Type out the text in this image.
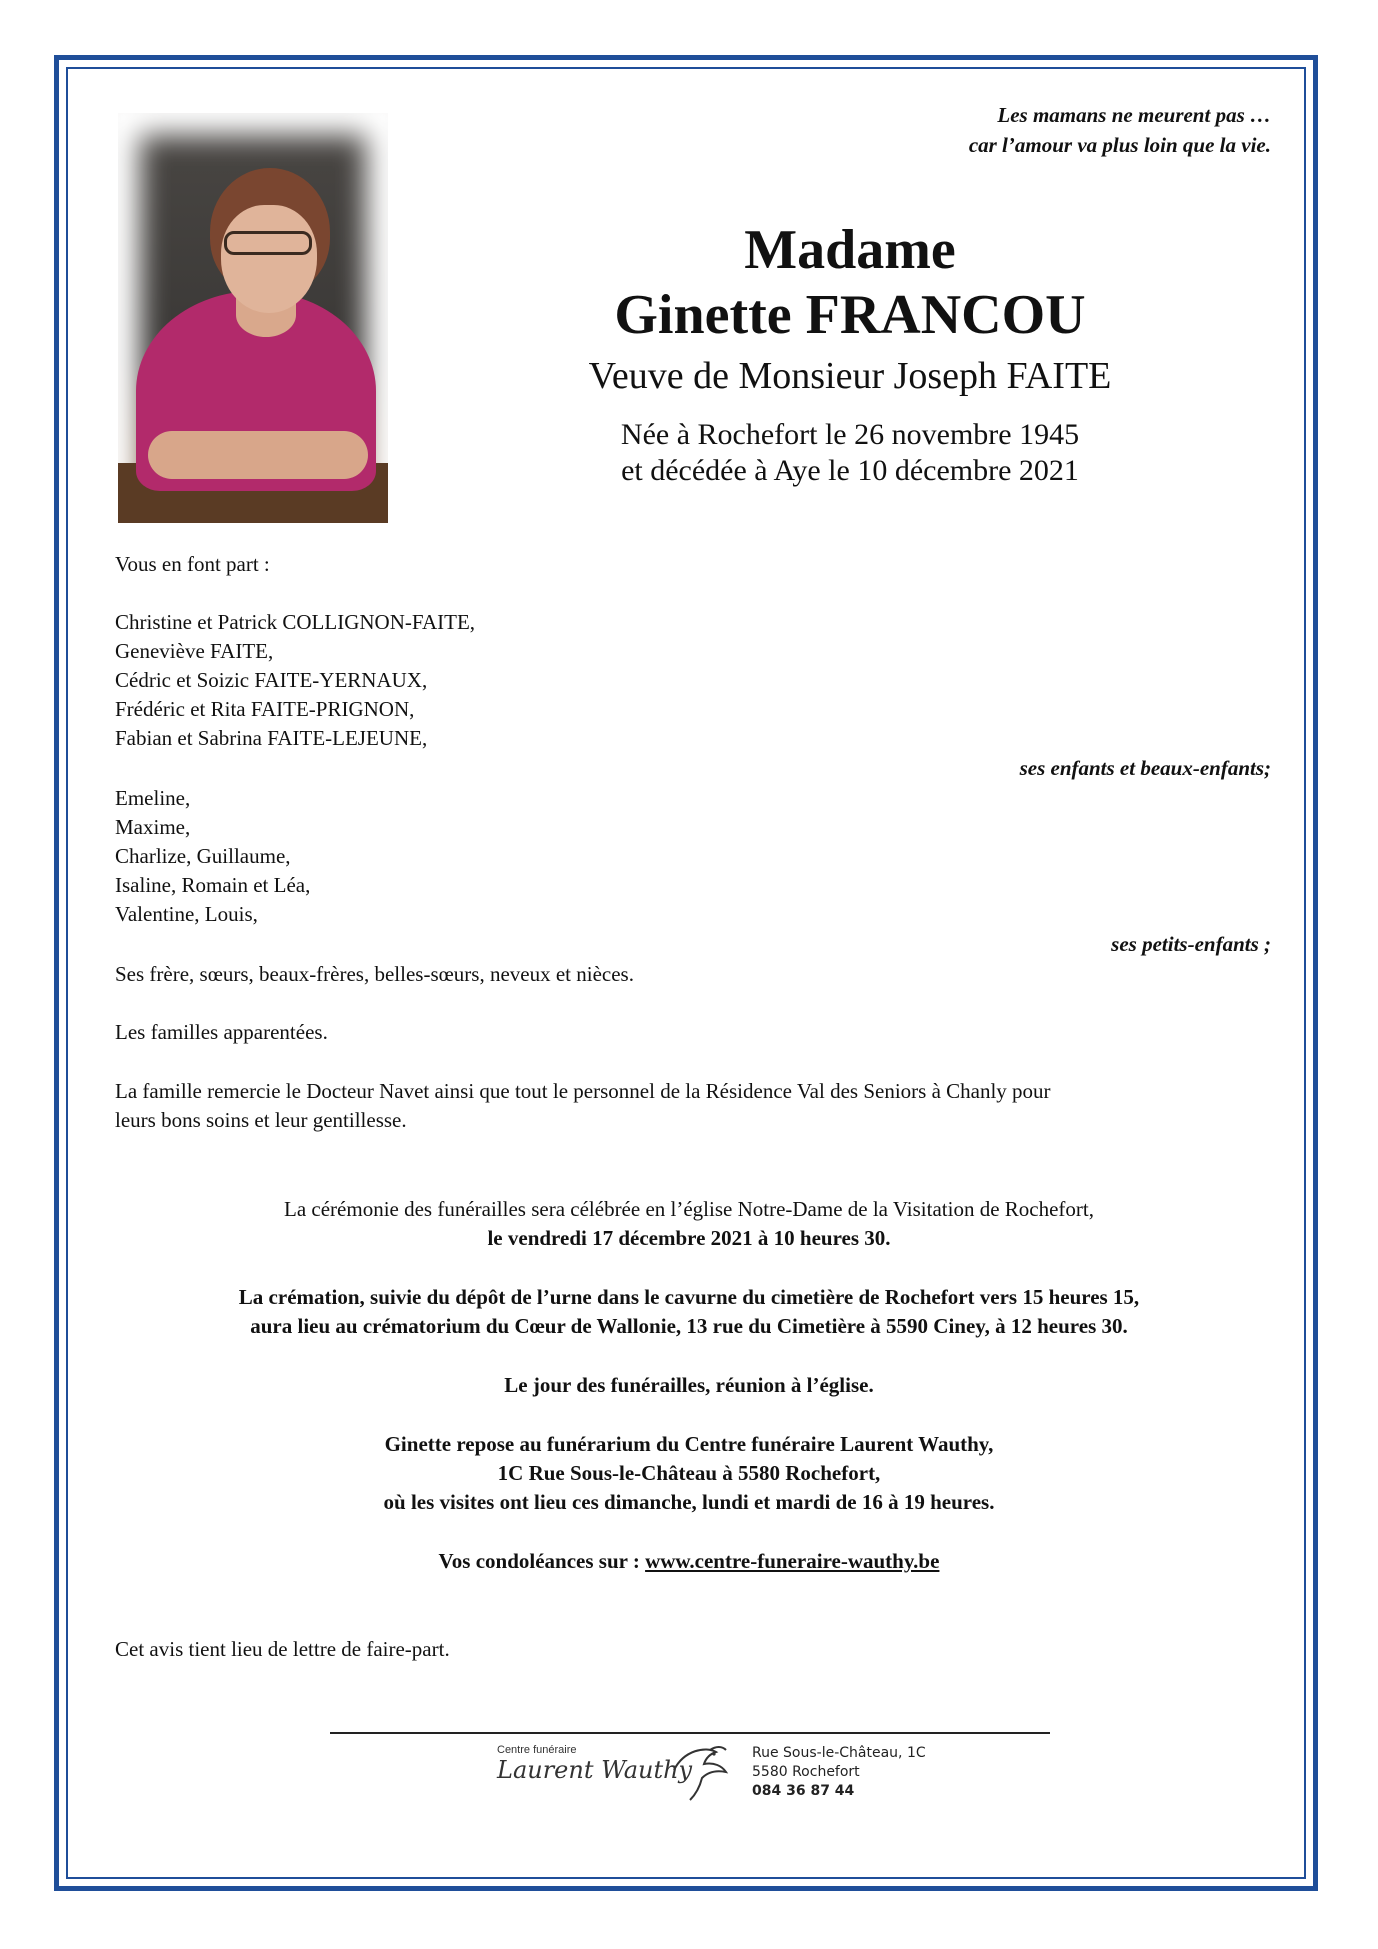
Les mamans ne meurent pas …
car l’amour va plus loin que la vie.
Madame
Ginette FRANCOU
Veuve de Monsieur Joseph FAITE
Née à Rochefort le 26 novembre 1945
et décédée à Aye le 10 décembre 2021
Vous en font part :
Christine et Patrick COLLIGNON-FAITE,
Geneviève FAITE,
Cédric et Soizic FAITE-YERNAUX,
Frédéric et Rita FAITE-PRIGNON,
Fabian et Sabrina FAITE-LEJEUNE,
ses enfants et beaux-enfants;
Emeline,
Maxime,
Charlize, Guillaume,
Isaline, Romain et Léa,
Valentine, Louis,
ses petits-enfants ;
Ses frère, sœurs, beaux-frères, belles-sœurs, neveux et nièces.
Les familles apparentées.
La famille remercie le Docteur Navet ainsi que tout le personnel de la Résidence Val des Seniors à Chanly pour
leurs bons soins et leur gentillesse.
La cérémonie des funérailles sera célébrée en l’église Notre-Dame de la Visitation de Rochefort,
le vendredi 17 décembre 2021 à 10 heures 30.
La crémation, suivie du dépôt de l’urne dans le cavurne du cimetière de Rochefort vers 15 heures 15,
aura lieu au crématorium du Cœur de Wallonie, 13 rue du Cimetière à 5590 Ciney, à 12 heures 30.
Le jour des funérailles, réunion à l’église.
Ginette repose au funérarium du Centre funéraire Laurent Wauthy,
1C Rue Sous-le-Château à 5580 Rochefort,
où les visites ont lieu ces dimanche, lundi et mardi de 16 à 19 heures.
Vos condoléances sur : www.centre-funeraire-wauthy.be
Cet avis tient lieu de lettre de faire-part.
Centre funéraire
Laurent Wauthy
Rue Sous-le-Château, 1C
5580 Rochefort
084 36 87 44
